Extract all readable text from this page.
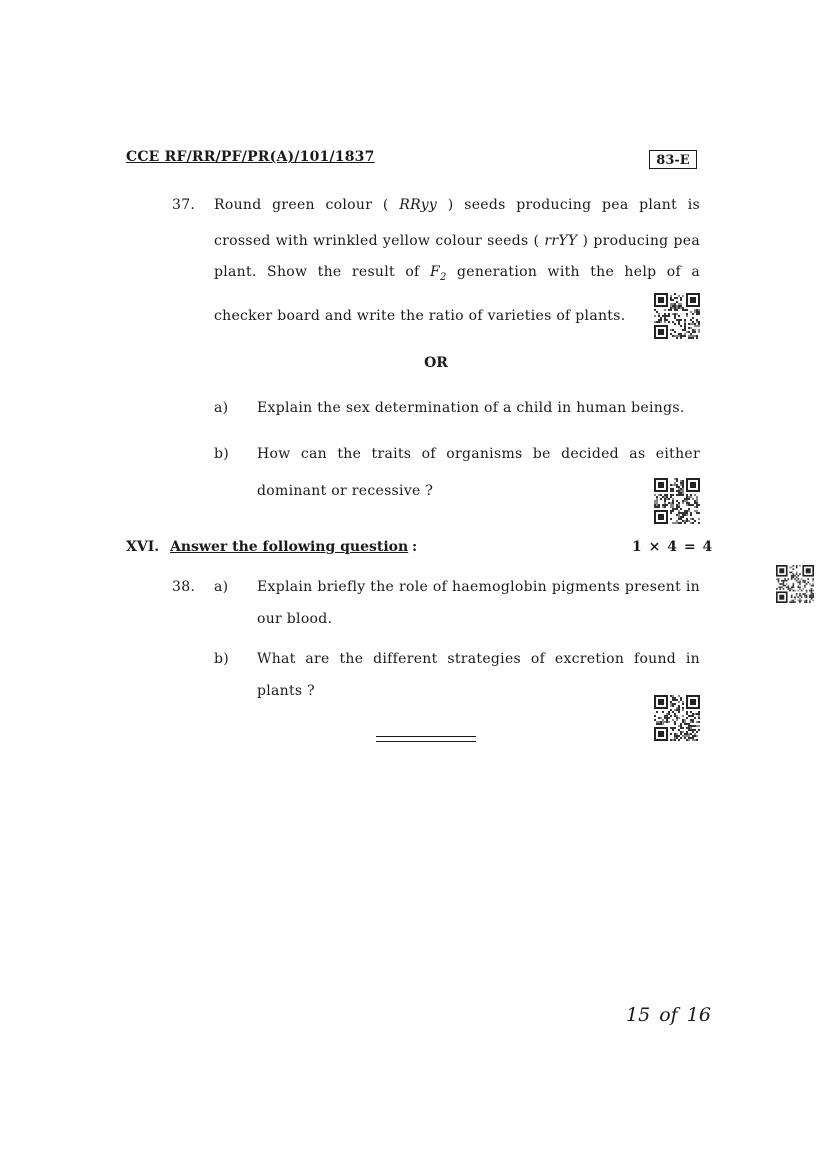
CCE RF/RR/PF/PR(A)/101/1837	83-E
37. Round green colour ( RRyy ) seeds producing pea plant is
crossed with wrinkled yellow colour seeds ( rrYY ) producing pea
plant. Show the result of $F_2$ generation with the help of a
checker board and write the ratio of varieties of plants.
OR
a) Explain the sex determination of a child in human beings.
b) How can the traits of organisms be decided as either
dominant or recessive ?
XVI. Answer the following question :	1 × 4 = 4
38. a) Explain briefly the role of haemoglobin pigments present in
our blood.
b) What are the different strategies of excretion found in
plants ?
15 of 16
